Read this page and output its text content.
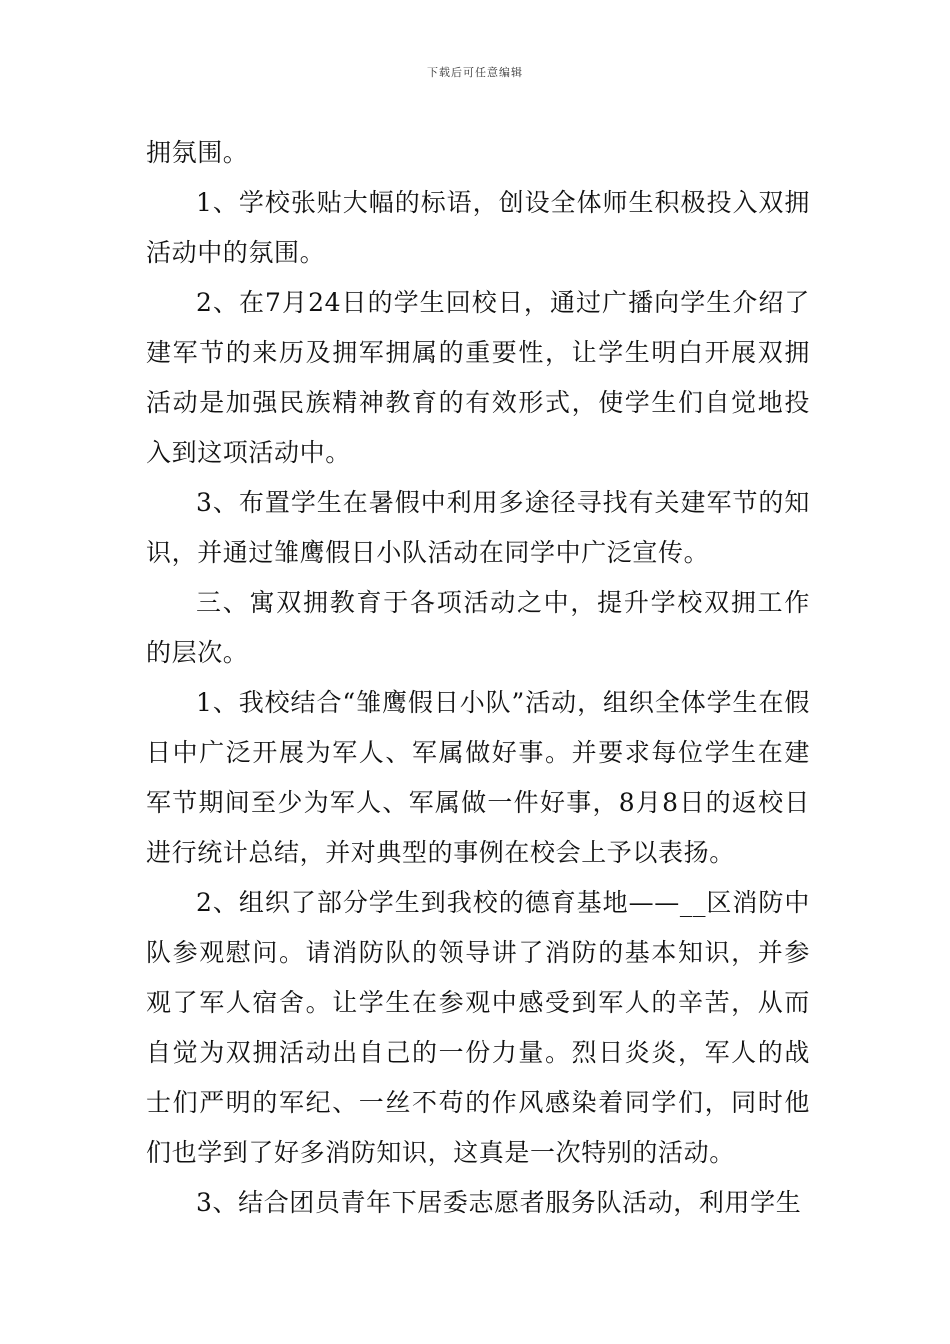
下载后可任意编辑

拥氛围。

1、学校张贴大幅的标语，创设全体师生积极投入双拥活动中的氛围。

2、在7月24日的学生回校日，通过广播向学生介绍了建军节的来历及拥军拥属的重要性，让学生明白开展双拥活动是加强民族精神教育的有效形式，使学生们自觉地投入到这项活动中。

3、布置学生在暑假中利用多途径寻找有关建军节的知识，并通过雏鹰假日小队活动在同学中广泛宣传。

三、寓双拥教育于各项活动之中，提升学校双拥工作的层次。

1、我校结合“雏鹰假日小队”活动，组织全体学生在假日中广泛开展为军人、军属做好事。并要求每位学生在建军节期间至少为军人、军属做一件好事，8月8日的返校日进行统计总结，并对典型的事例在校会上予以表扬。

2、组织了部分学生到我校的德育基地——__区消防中队参观慰问。请消防队的领导讲了消防的基本知识，并参观了军人宿舍。让学生在参观中感受到军人的辛苦，从而自觉为双拥活动出自己的一份力量。烈日炎炎，军人的战士们严明的军纪、一丝不苟的作风感染着同学们，同时他们也学到了好多消防知识，这真是一次特别的活动。

3、结合团员青年下居委志愿者服务队活动，利用学生
